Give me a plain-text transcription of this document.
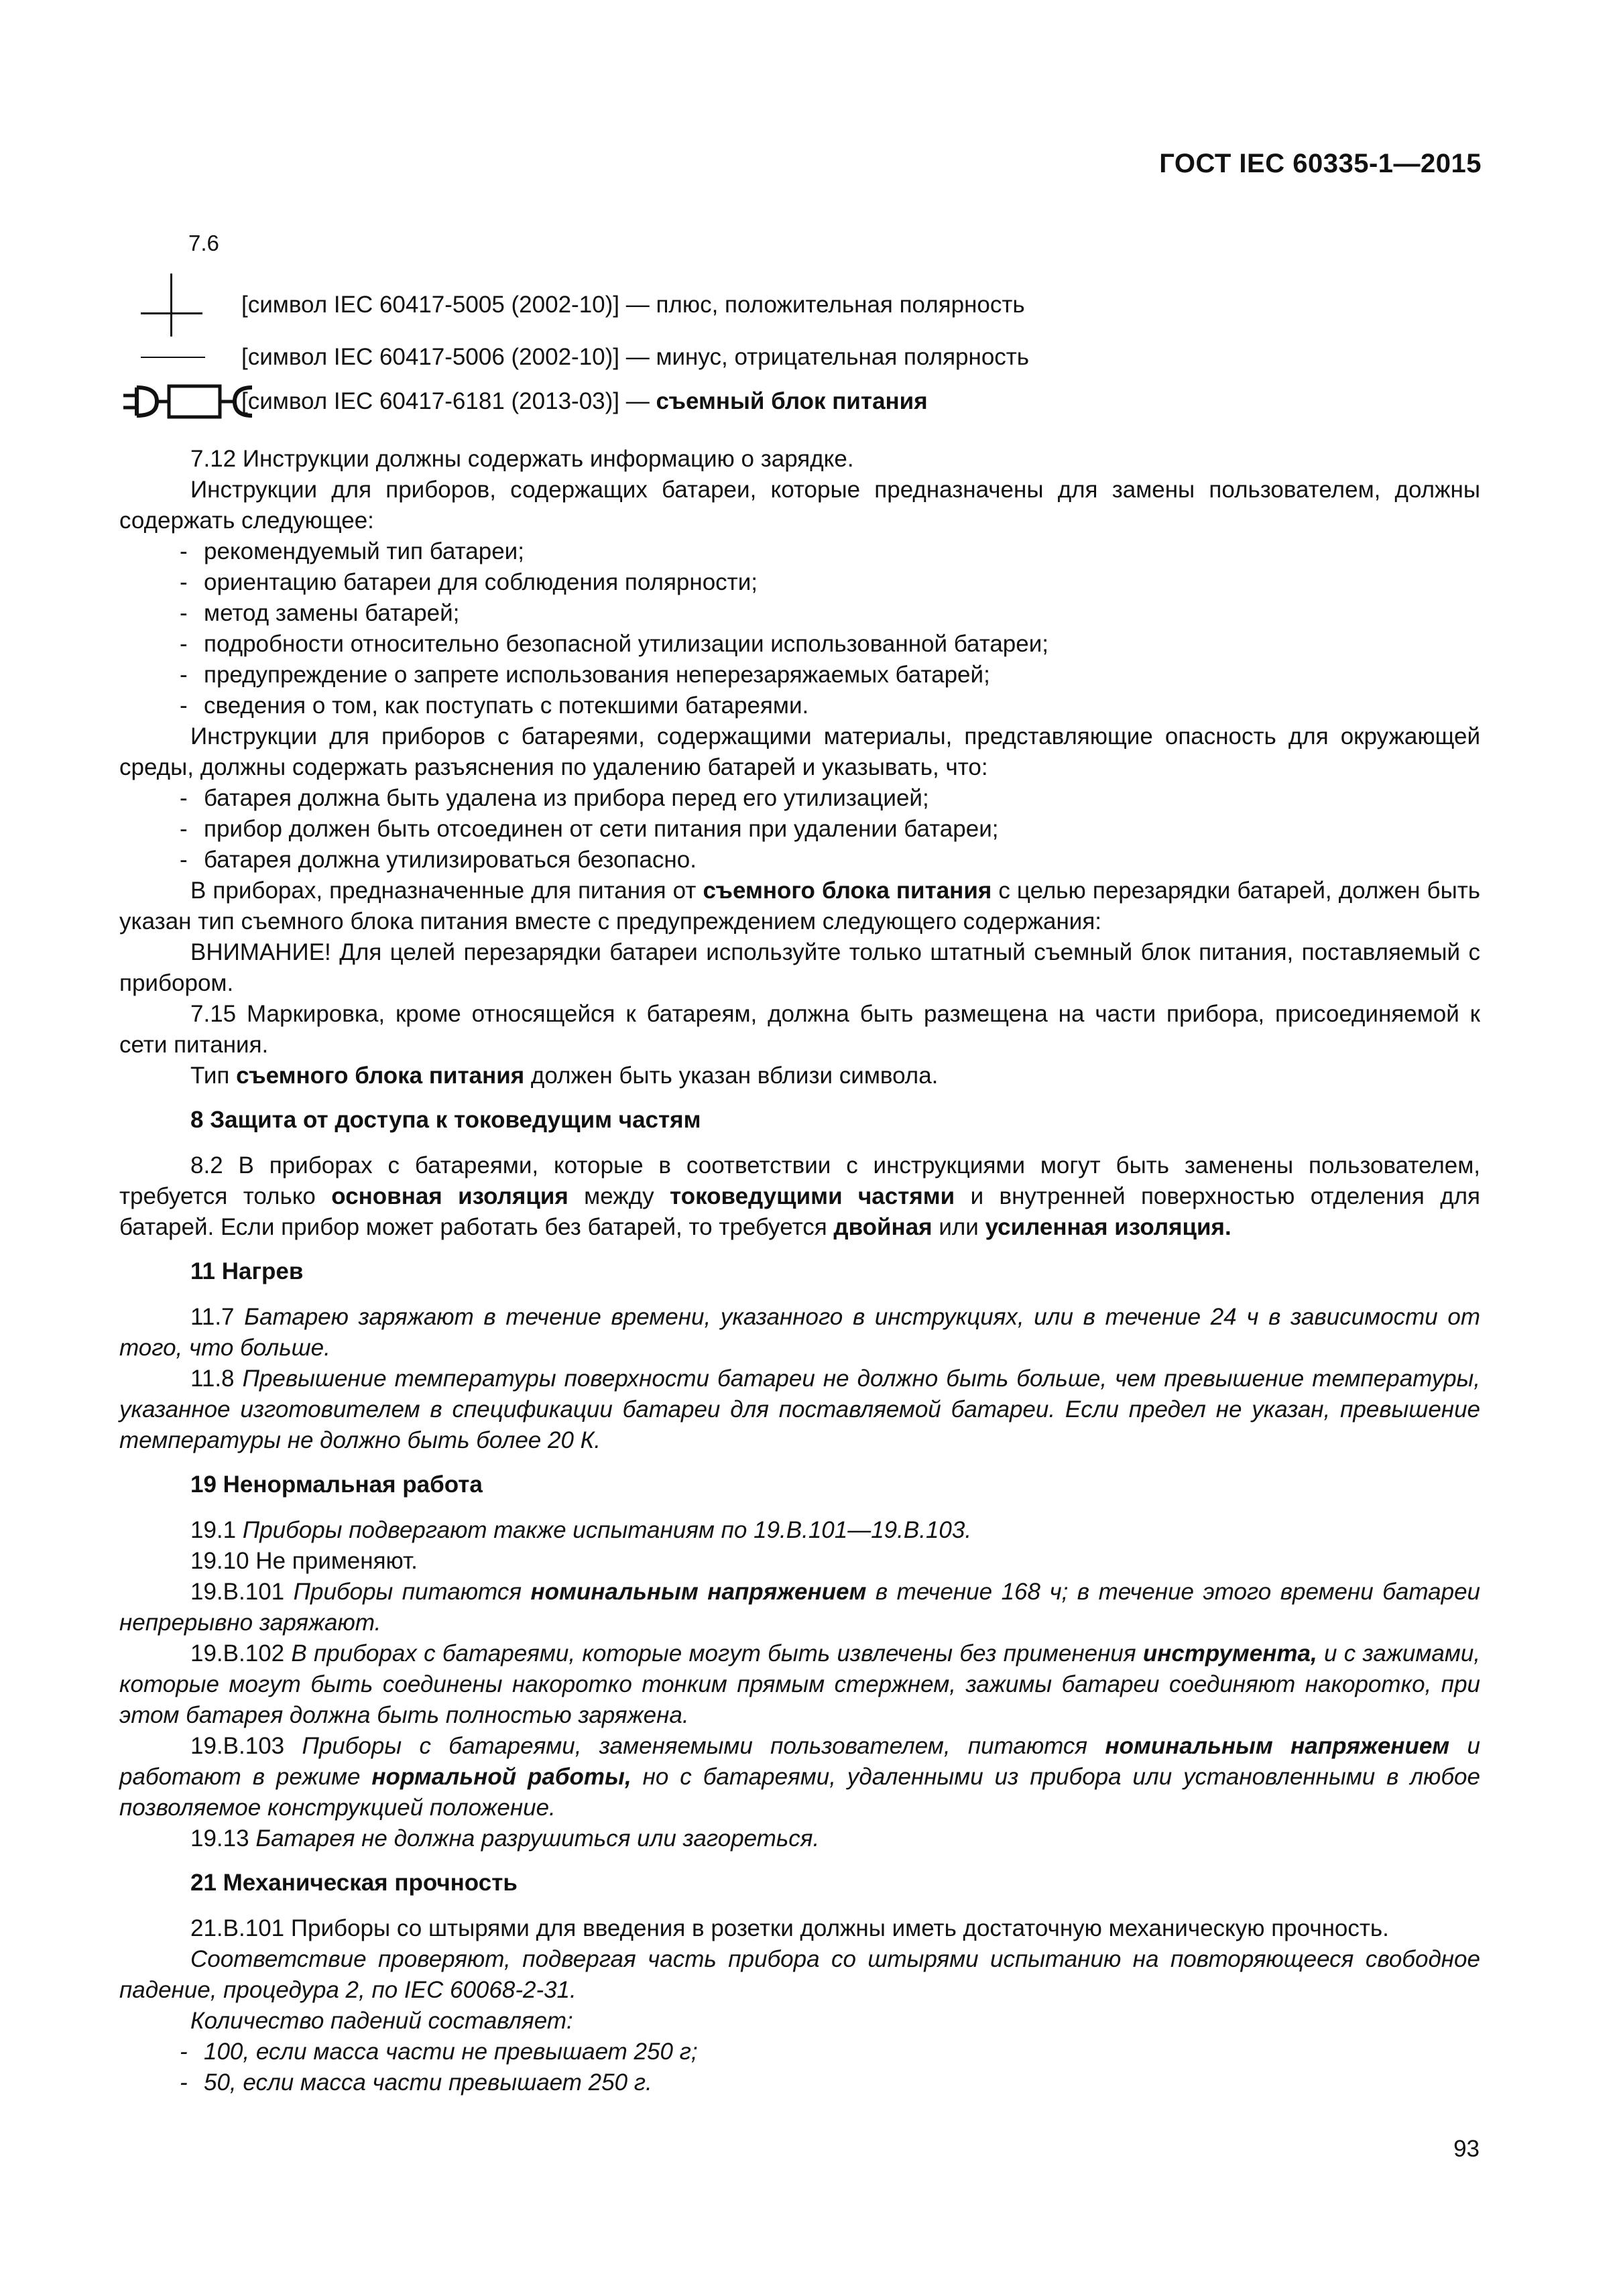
ГОСТ IEC 60335-1—2015
7.6
[символ IEC 60417-5005 (2002-10)] — плюс, положительная полярность
[символ IEC 60417-5006 (2002-10)] — минус, отрицательная полярность
[символ IEC 60417-6181 (2013-03)] — съемный блок питания

7.12 Инструкции должны содержать информацию о зарядке.

Инструкции для приборов, содержащих батареи, которые предназначены для замены пользователем, должны содержать следующее:

- рекомендуемый тип батареи;

- ориентацию батареи для соблюдения полярности;

- метод замены батарей;

- подробности относительно безопасной утилизации использованной батареи;

- предупреждение о запрете использования неперезаряжаемых батарей;

- сведения о том, как поступать с потекшими батареями.

Инструкции для приборов с батареями, содержащими материалы, представляющие опасность для окружающей среды, должны содержать разъяснения по удалению батарей и указывать, что:

- батарея должна быть удалена из прибора перед его утилизацией;

- прибор должен быть отсоединен от сети питания при удалении батареи;

- батарея должна утилизироваться безопасно.

В приборах, предназначенные для питания от съемного блока питания с целью перезарядки батарей, должен быть указан тип съемного блока питания вместе с предупреждением следующего содержания:

ВНИМАНИЕ! Для целей перезарядки батареи используйте только штатный съемный блок питания, поставляемый с прибором.

7.15 Маркировка, кроме относящейся к батареям, должна быть размещена на части прибора, присоединяемой к сети питания.

Тип съемного блока питания должен быть указан вблизи символа.

8 Защита от доступа к токоведущим частям

8.2 В приборах с батареями, которые в соответствии с инструкциями могут быть заменены пользователем, требуется только основная изоляция между токоведущими частями и внутренней поверхностью отделения для батарей. Если прибор может работать без батарей, то требуется двойная или усиленная изоляция.

11 Нагрев

11.7 Батарею заряжают в течение времени, указанного в инструкциях, или в течение 24 ч в зависимости от того, что больше.

11.8 Превышение температуры поверхности батареи не должно быть больше, чем превышение температуры, указанное изготовителем в спецификации батареи для поставляемой батареи. Если предел не указан, превышение температуры не должно быть более 20 К.

19 Ненормальная работа

19.1 Приборы подвергают также испытаниям по 19.В.101—19.В.103.

19.10 Не применяют.

19.В.101 Приборы питаются номинальным напряжением в течение 168 ч; в течение этого времени батареи непрерывно заряжают.

19.В.102 В приборах с батареями, которые могут быть извлечены без применения инструмента, и с зажимами, которые могут быть соединены накоротко тонким прямым стержнем, зажимы батареи соединяют накоротко, при этом батарея должна быть полностью заряжена.

19.В.103 Приборы с батареями, заменяемыми пользователем, питаются номинальным напряжением и работают в режиме нормальной работы, но с батареями, удаленными из прибора или установленными в любое позволяемое конструкцией положение.

19.13 Батарея не должна разрушиться или загореться.

21 Механическая прочность

21.В.101 Приборы со штырями для введения в розетки должны иметь достаточную механическую прочность.

Соответствие проверяют, подвергая часть прибора со штырями испытанию на повторяющееся свободное падение, процедура 2, по IEC 60068-2-31.

Количество падений составляет:

- 100, если масса части не превышает 250 г;

- 50, если масса части превышает 250 г.

93
